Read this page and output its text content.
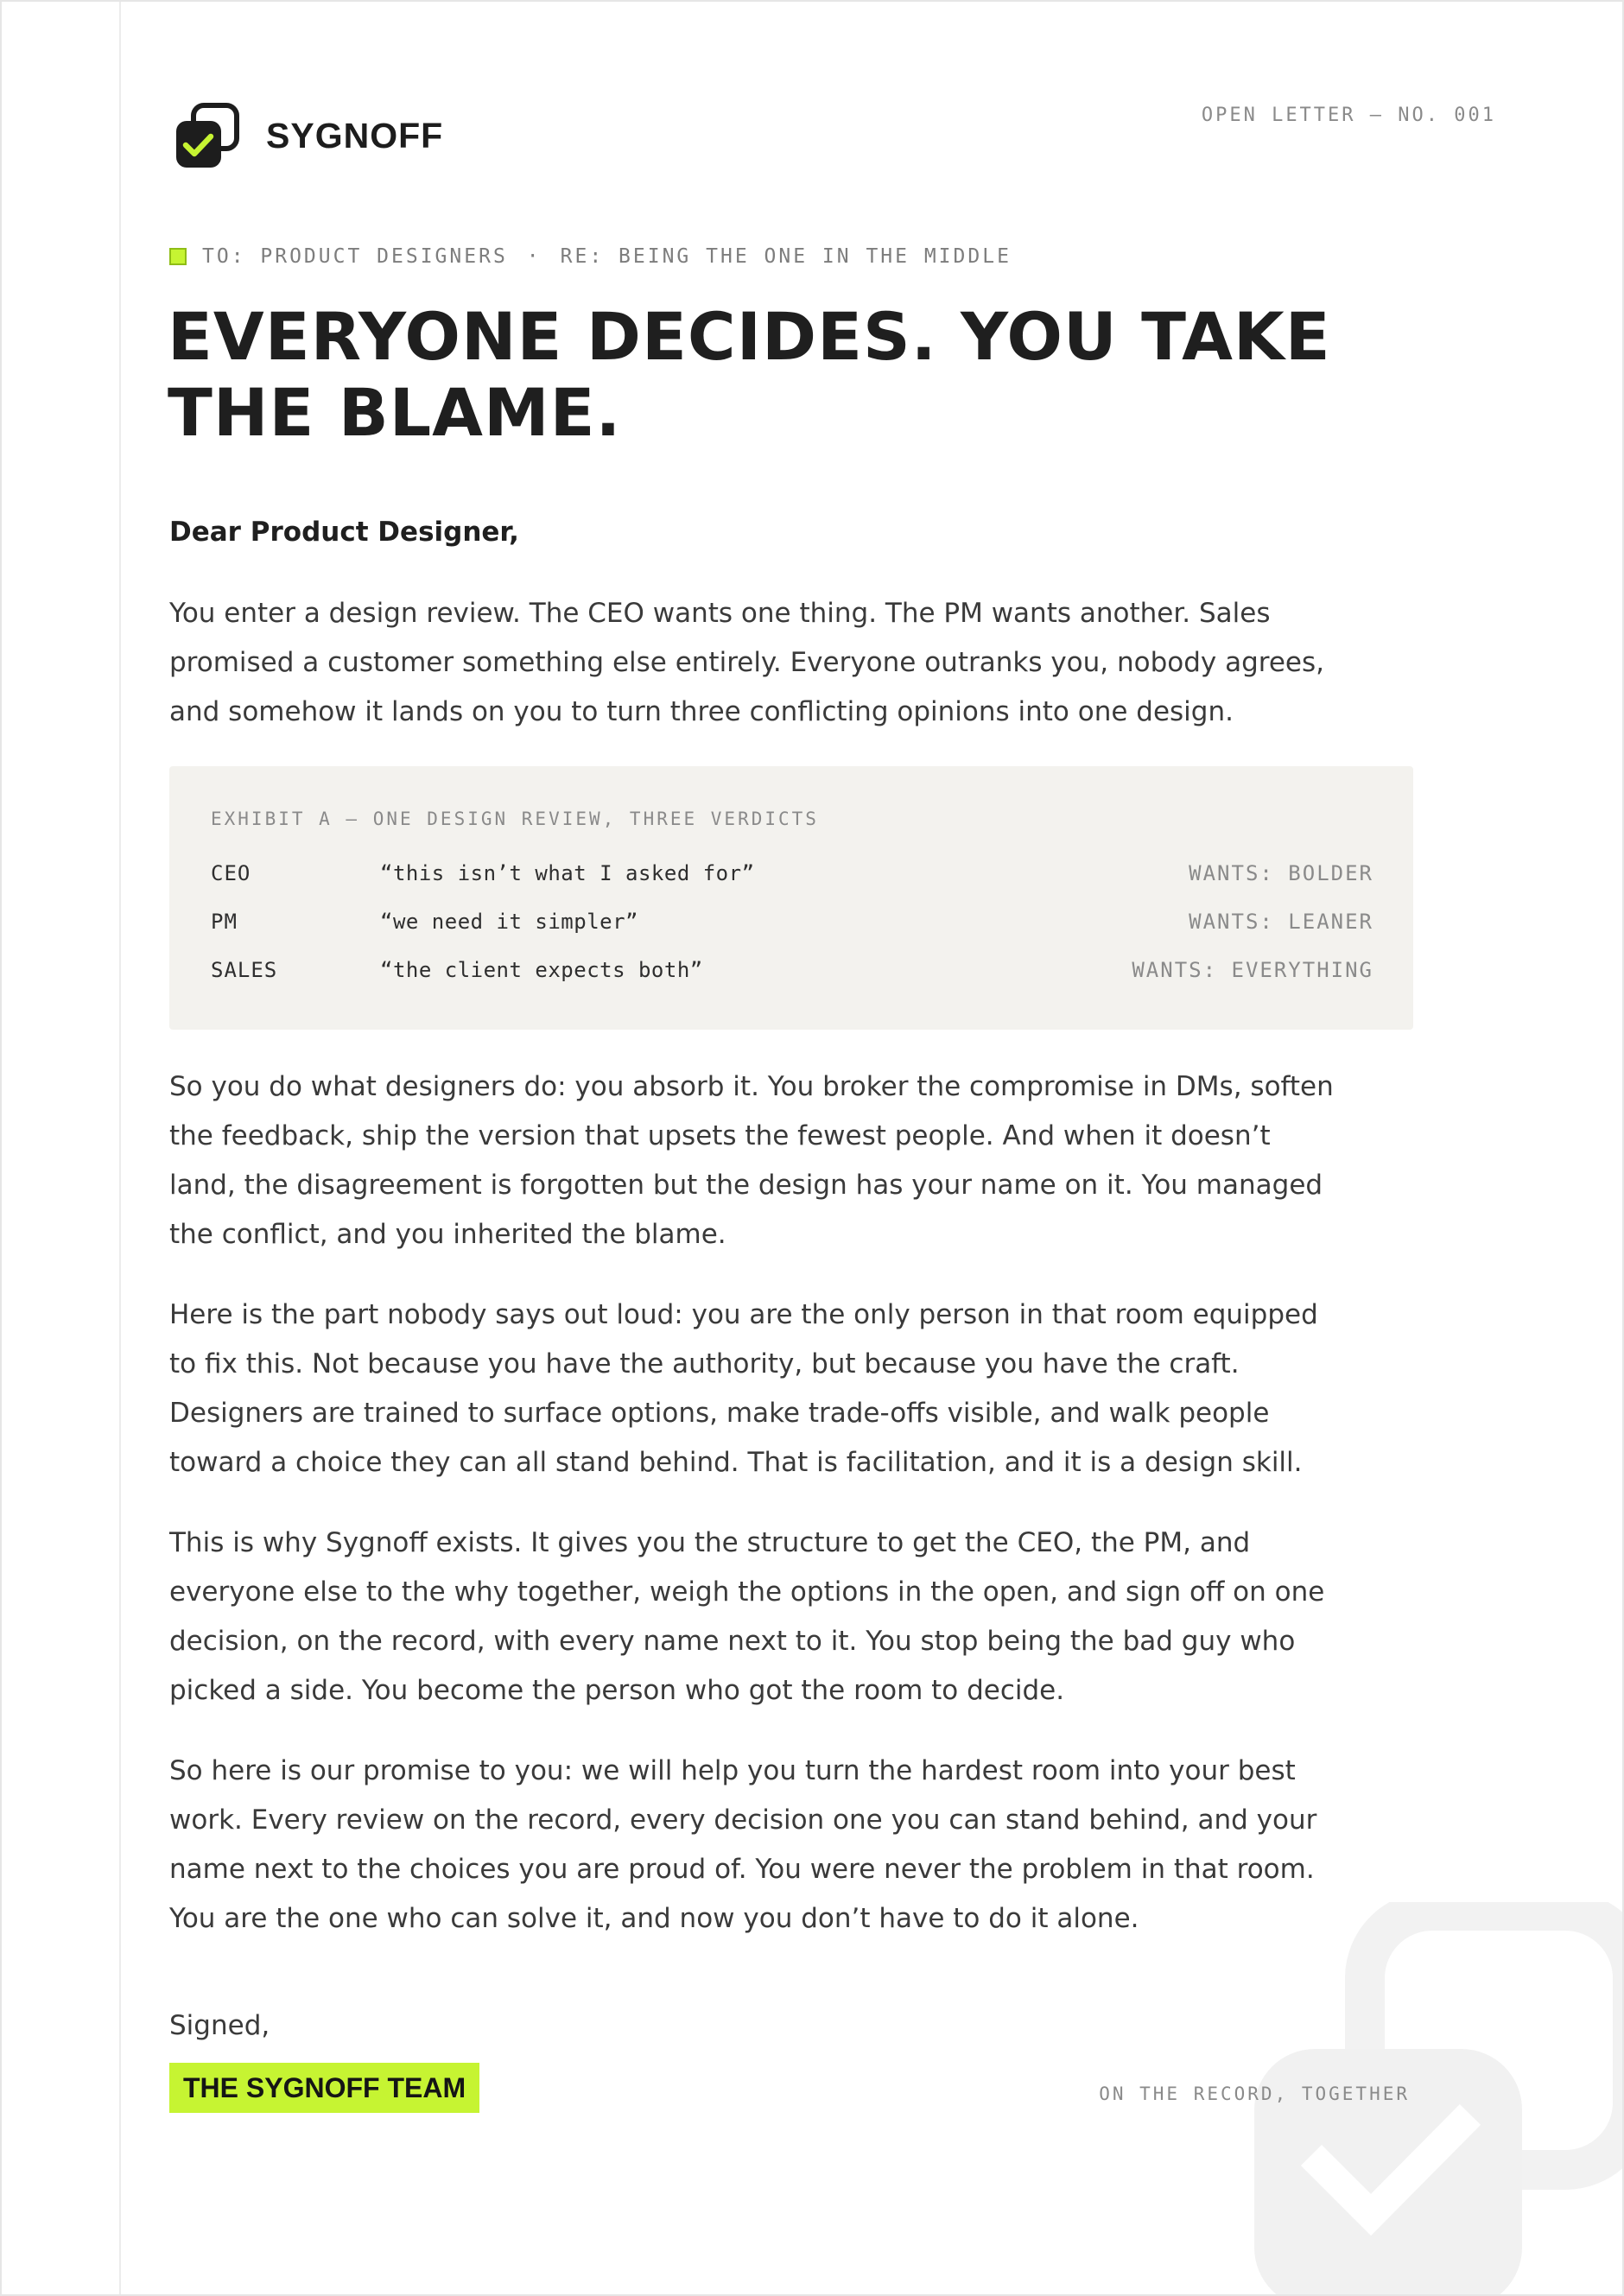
SYGNOFF
OPEN LETTER — NO. 001
TO: PRODUCT DESIGNERS · RE: BEING THE ONE IN THE MIDDLE
EVERYONE DECIDES. YOU TAKE
THE BLAME.
Dear Product Designer,
You enter a design review. The CEO wants one thing. The PM wants another. Sales
promised a customer something else entirely. Everyone outranks you, nobody agrees,
and somehow it lands on you to turn three conflicting opinions into one design.
EXHIBIT A — ONE DESIGN REVIEW, THREE VERDICTS
CEO	“this isn’t what I asked for”	WANTS: BOLDER
PM	“we need it simpler”	WANTS: LEANER
SALES	“the client expects both”	WANTS: EVERYTHING
So you do what designers do: you absorb it. You broker the compromise in DMs, soften
the feedback, ship the version that upsets the fewest people. And when it doesn’t
land, the disagreement is forgotten but the design has your name on it. You managed
the conflict, and you inherited the blame.
Here is the part nobody says out loud: you are the only person in that room equipped
to fix this. Not because you have the authority, but because you have the craft.
Designers are trained to surface options, make trade-offs visible, and walk people
toward a choice they can all stand behind. That is facilitation, and it is a design skill.
This is why Sygnoff exists. It gives you the structure to get the CEO, the PM, and
everyone else to the why together, weigh the options in the open, and sign off on one
decision, on the record, with every name next to it. You stop being the bad guy who
picked a side. You become the person who got the room to decide.
So here is our promise to you: we will help you turn the hardest room into your best
work. Every review on the record, every decision one you can stand behind, and your
name next to the choices you are proud of. You were never the problem in that room.
You are the one who can solve it, and now you don’t have to do it alone.
Signed,
THE SYGNOFF TEAM	ON THE RECORD, TOGETHER
